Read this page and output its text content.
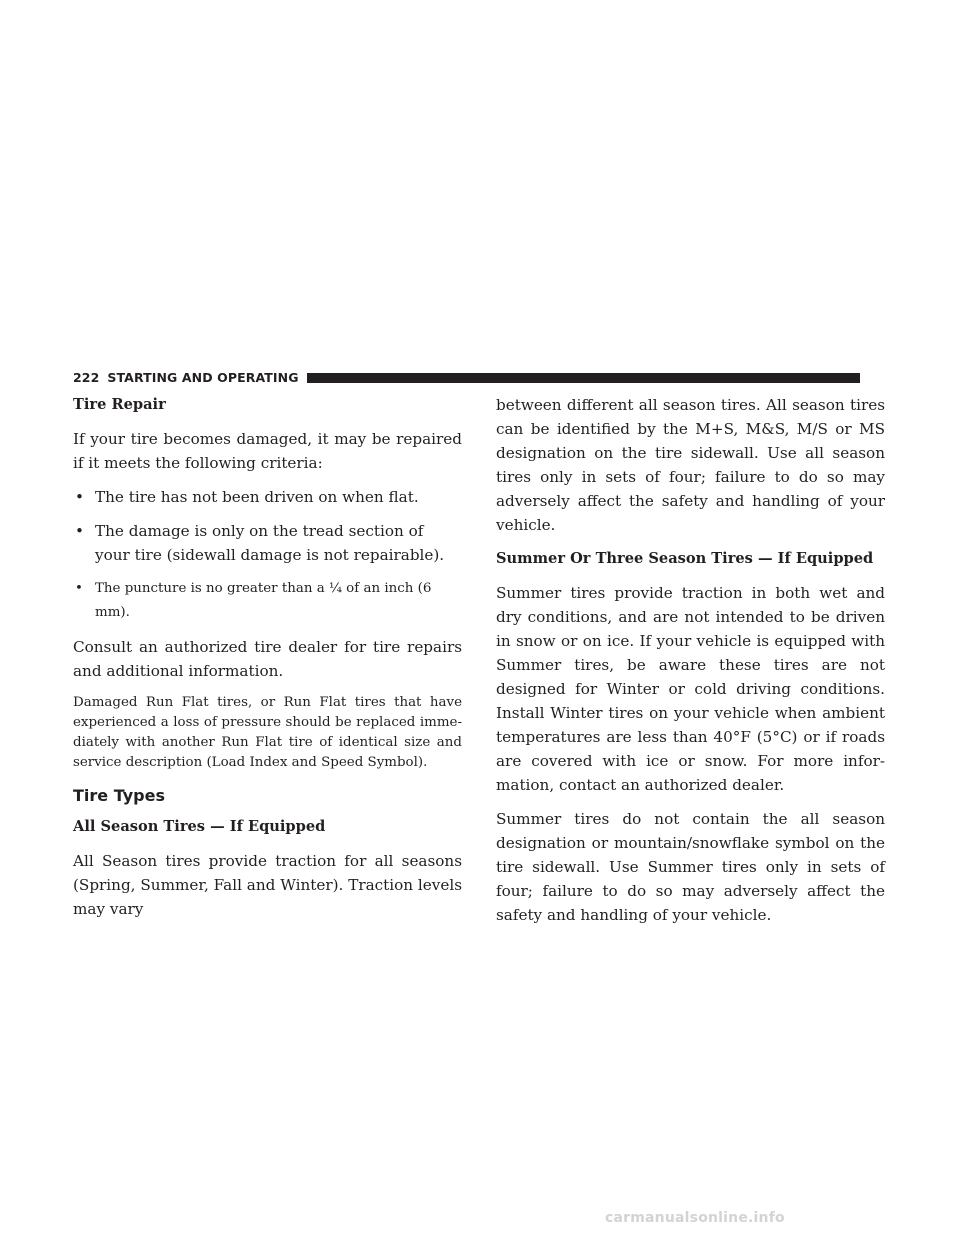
222 STARTING AND OPERATING

Tire Repair

If your tire becomes damaged, it may be repaired if it meets the following criteria:

• The tire has not been driven on when flat.
• The damage is only on the tread section of your tire (sidewall damage is not repairable).
• The puncture is no greater than a ¼ of an inch (6 mm).

Consult an authorized tire dealer for tire repairs and additional information.

Damaged Run Flat tires, or Run Flat tires that have experienced a loss of pressure should be replaced imme-diately with another Run Flat tire of identical size and service description (Load Index and Speed Symbol).

Tire Types

All Season Tires — If Equipped

All Season tires provide traction for all seasons (Spring, Summer, Fall and Winter). Traction levels may vary

between different all season tires. All season tires can be identified by the M+S, M&S, M/S or MS designation on the tire sidewall. Use all season tires only in sets of four; failure to do so may adversely affect the safety and handling of your vehicle.

Summer Or Three Season Tires — If Equipped

Summer tires provide traction in both wet and dry conditions, and are not intended to be driven in snow or on ice. If your vehicle is equipped with Summer tires, be aware these tires are not designed for Winter or cold driving conditions. Install Winter tires on your vehicle when ambient temperatures are less than 40°F (5°C) or if roads are covered with ice or snow. For more infor-mation, contact an authorized dealer.

Summer tires do not contain the all season designation or mountain/snowflake symbol on the tire sidewall. Use Summer tires only in sets of four; failure to do so may adversely affect the safety and handling of your vehicle.

carmanualsonline.info
